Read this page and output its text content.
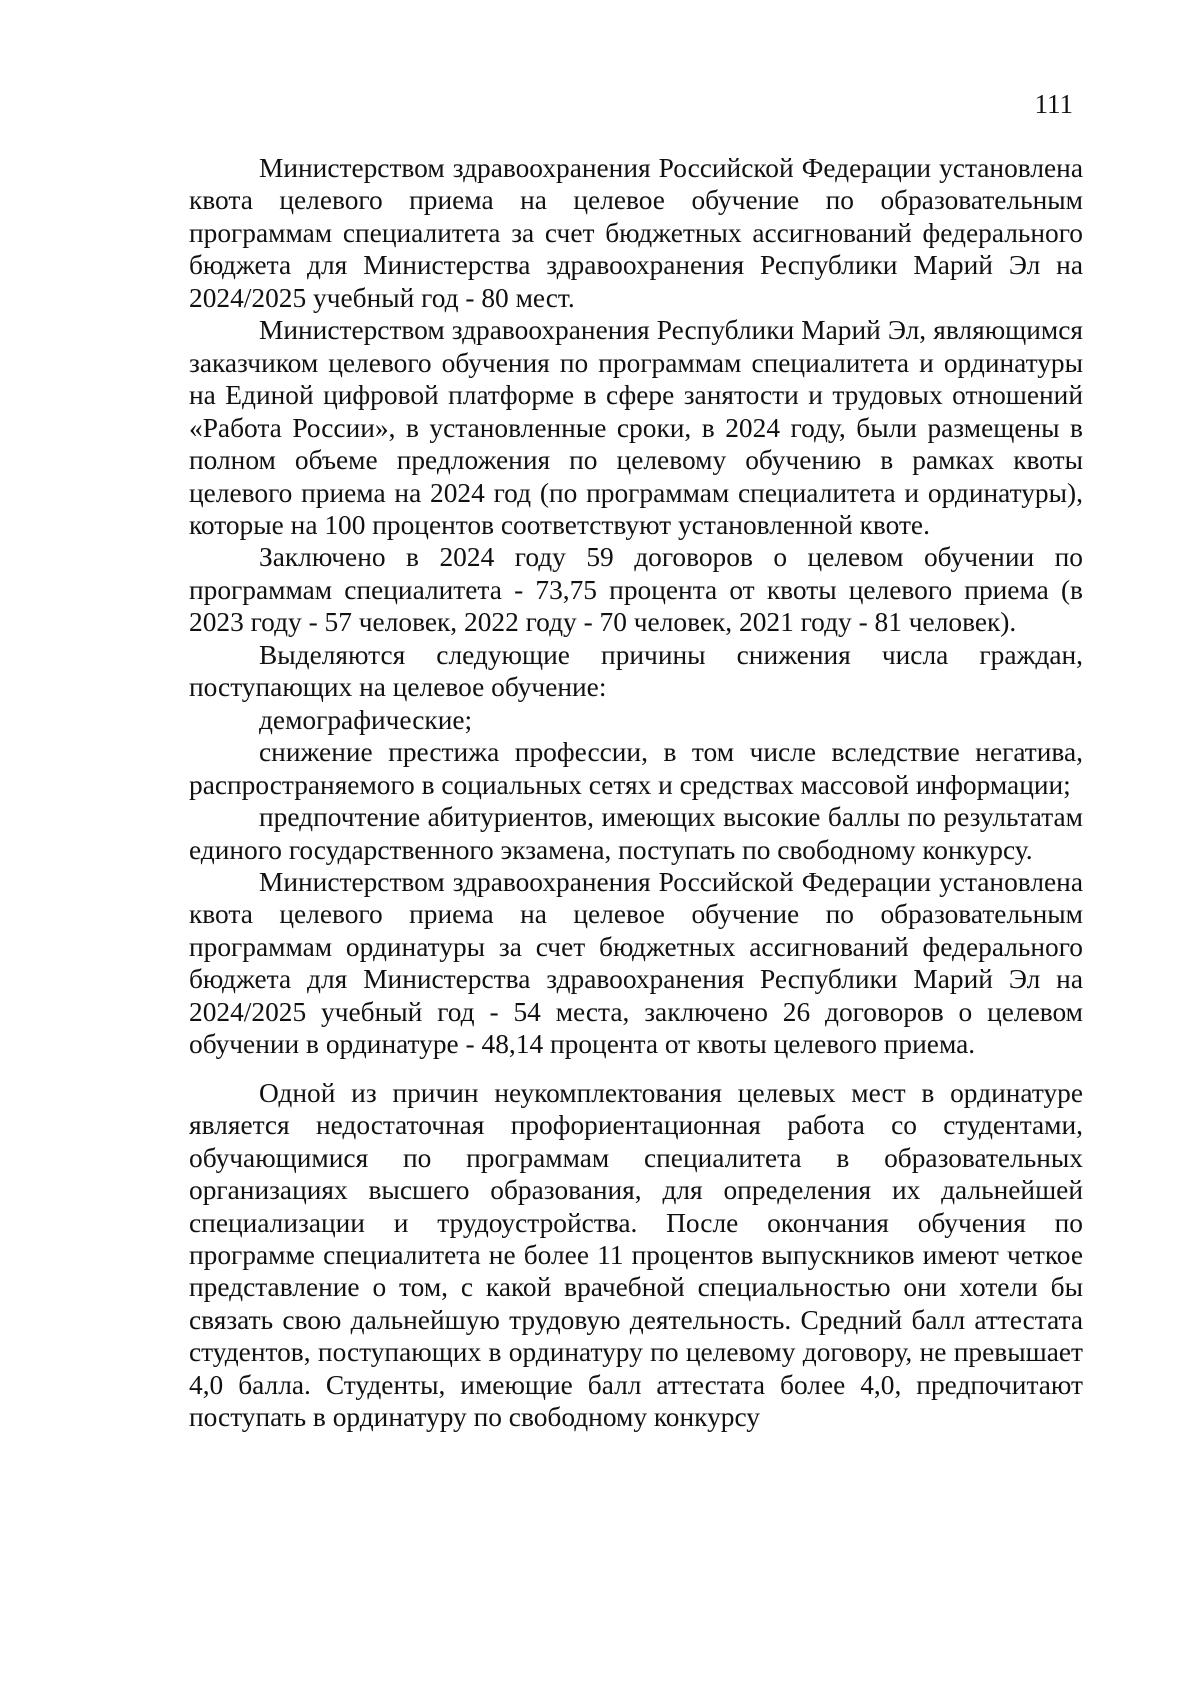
111

Министерством здравоохранения Российской Федерации установлена квота целевого приема на целевое обучение по образовательным программам специалитета за счет бюджетных ассигнований федерального бюджета для Министерства здравоохранения Республики Марий Эл на 2024/2025 учебный год - 80 мест.

Министерством здравоохранения Республики Марий Эл, являющимся заказчиком целевого обучения по программам специалитета и ординатуры на Единой цифровой платформе в сфере занятости и трудовых отношений «Работа России», в установленные сроки, в 2024 году, были размещены в полном объеме предложения по целевому обучению в рамках квоты целевого приема на 2024 год (по программам специалитета и ординатуры), которые на 100 процентов соответствуют установленной квоте.

Заключено в 2024 году 59 договоров о целевом обучении по программам специалитета - 73,75 процента от квоты целевого приема (в 2023 году - 57 человек, 2022 году - 70 человек, 2021 году - 81 человек).

Выделяются следующие причины снижения числа граждан, поступающих на целевое обучение:

демографические;

снижение престижа профессии, в том числе вследствие негатива, распространяемого в социальных сетях и средствах массовой информации;

предпочтение абитуриентов, имеющих высокие баллы по результатам единого государственного экзамена, поступать по свободному конкурсу.

Министерством здравоохранения Российской Федерации установлена квота целевого приема на целевое обучение по образовательным программам ординатуры за счет бюджетных ассигнований федерального бюджета для Министерства здравоохранения Республики Марий Эл на 2024/2025 учебный год - 54 места, заключено 26 договоров о целевом обучении в ординатуре - 48,14 процента от квоты целевого приема.

Одной из причин неукомплектования целевых мест в ординатуре является недостаточная профориентационная работа со студентами, обучающимися по программам специалитета в образовательных организациях высшего образования, для определения их дальнейшей специализации и трудоустройства. После окончания обучения по программе специалитета не более 11 процентов выпускников имеют четкое представление о том, с какой врачебной специальностью они хотели бы связать свою дальнейшую трудовую деятельность. Средний балл аттестата студентов, поступающих в ординатуру по целевому договору, не превышает 4,0 балла. Студенты, имеющие балл аттестата более 4,0, предпочитают поступать в ординатуру по свободному конкурсу
